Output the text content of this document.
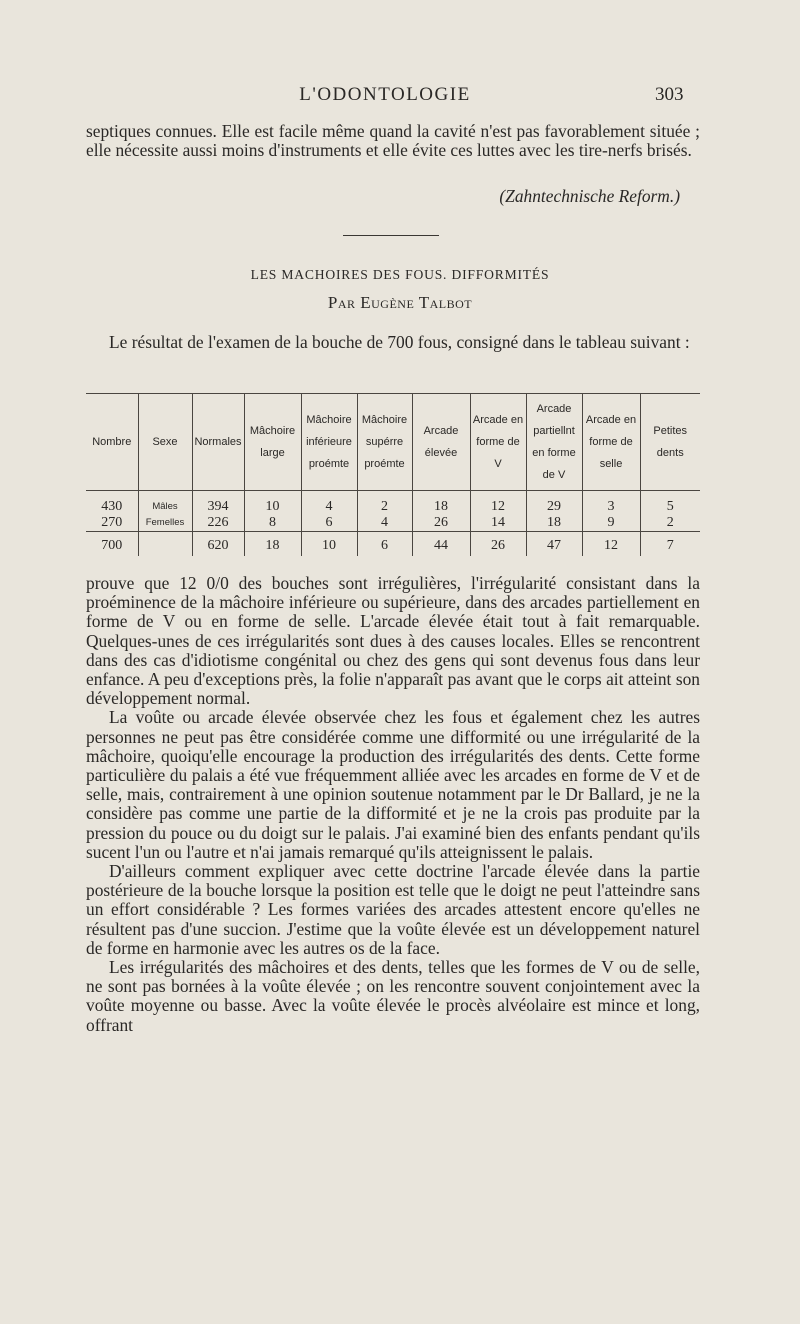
L'ODONTOLOGIE	303

septiques connues. Elle est facile même quand la cavité n'est pas favorablement située ; elle nécessite aussi moins d'instruments et elle évite ces luttes avec les tire-nerfs brisés.

(Zahntechnische Reform.)
LES MACHOIRES DES FOUS. DIFFORMITÉS
Par Eugène Talbot

Le résultat de l'examen de la bouche de 700 fous, consigné dans le tableau suivant :

Nombre	Sexe	Normales	Mâchoire large	Mâchoire inférieure proémte	Mâchoire supérre proémte	Arcade élevée	Arcade en forme de V	Arcade partiellnt en forme de V	Arcade en forme de selle	Petites dents

430	Mâles	394	10	4	2	18	12	29	3	5
270	Femelles	226	8	6	4	26	14	18	9	2
700		620	18	10	6	44	26	47	12	7

prouve que 12 0/0 des bouches sont irrégulières, l'irrégularité consistant dans la proéminence de la mâchoire inférieure ou supérieure, dans des arcades partiellement en forme de V ou en forme de selle. L'arcade élevée était tout à fait remarquable. Quelques-unes de ces irrégularités sont dues à des causes locales. Elles se rencontrent dans des cas d'idiotisme congénital ou chez des gens qui sont devenus fous dans leur enfance. A peu d'exceptions près, la folie n'apparaît pas avant que le corps ait atteint son développement normal.

La voûte ou arcade élevée observée chez les fous et également chez les autres personnes ne peut pas être considérée comme une difformité ou une irrégularité de la mâchoire, quoiqu'elle encourage la production des irrégularités des dents. Cette forme particulière du palais a été vue fréquemment alliée avec les arcades en forme de V et de selle, mais, contrairement à une opinion soutenue notamment par le Dr Ballard, je ne la considère pas comme une partie de la difformité et je ne la crois pas produite par la pression du pouce ou du doigt sur le palais. J'ai examiné bien des enfants pendant qu'ils sucent l'un ou l'autre et n'ai jamais remarqué qu'ils atteignissent le palais.

D'ailleurs comment expliquer avec cette doctrine l'arcade élevée dans la partie postérieure de la bouche lorsque la position est telle que le doigt ne peut l'atteindre sans un effort considérable ? Les formes variées des arcades attestent encore qu'elles ne résultent pas d'une succion. J'estime que la voûte élevée est un développement naturel de forme en harmonie avec les autres os de la face.

Les irrégularités des mâchoires et des dents, telles que les formes de V ou de selle, ne sont pas bornées à la voûte élevée ; on les rencontre souvent conjointement avec la voûte moyenne ou basse. Avec la voûte élevée le procès alvéolaire est mince et long, offrant
